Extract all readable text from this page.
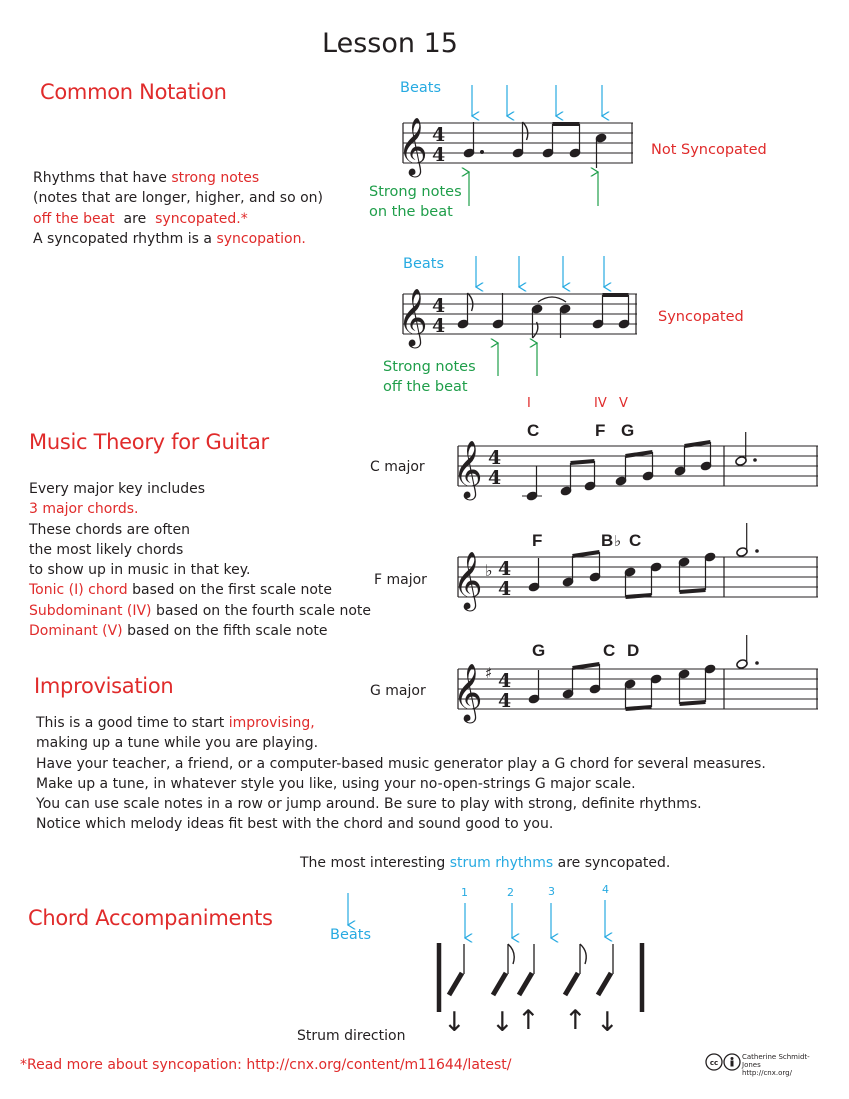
Lesson 15
Common Notation
Rhythms that have strong notes
(notes that are longer, higher, and so on)
off the beat  are  syncopated.*
A syncopated rhythm is a syncopation.
Beats
Not Syncopated
Strong notes
on the beat
Beats
Syncopated
Strong notes
off the beat
Music Theory for Guitar
Every major key includes
3 major chords.
These chords are often
the most likely chords
to show up in music in that key.
Tonic (I) chord based on the first scale note
Subdominant (IV) based on the fourth scale note
Dominant (V) based on the fifth scale note
I	IV V
C major
C	F G
F major
F	B C
G major
G	C D
Improvisation
This is a good time to start improvising,
making up a tune while you are playing.
Have your teacher, a friend, or a computer-based music generator play a G chord for several measures.
Make up a tune, in whatever style you like, using your no-open-strings G major scale.
You can use scale notes in a row or jump around. Be sure to play with strong, definite rhythms.
Notice which melody ideas fit best with the chord and sound good to you.
The most interesting strum rhythms are syncopated.
Chord Accompaniments
Beats
1	2	3	4
Strum direction ↓ ↓ ↑ ↑ ↓
*Read more about syncopation: http://cnx.org/content/m11644/latest/	cc
Catherine Schmidt-Jones
http://cnx.org/
𝄞 4
4
𝄞 4
4
𝄞 4
4
𝄞 ♭
♭
4
4
𝄞 ♯ 4
4
